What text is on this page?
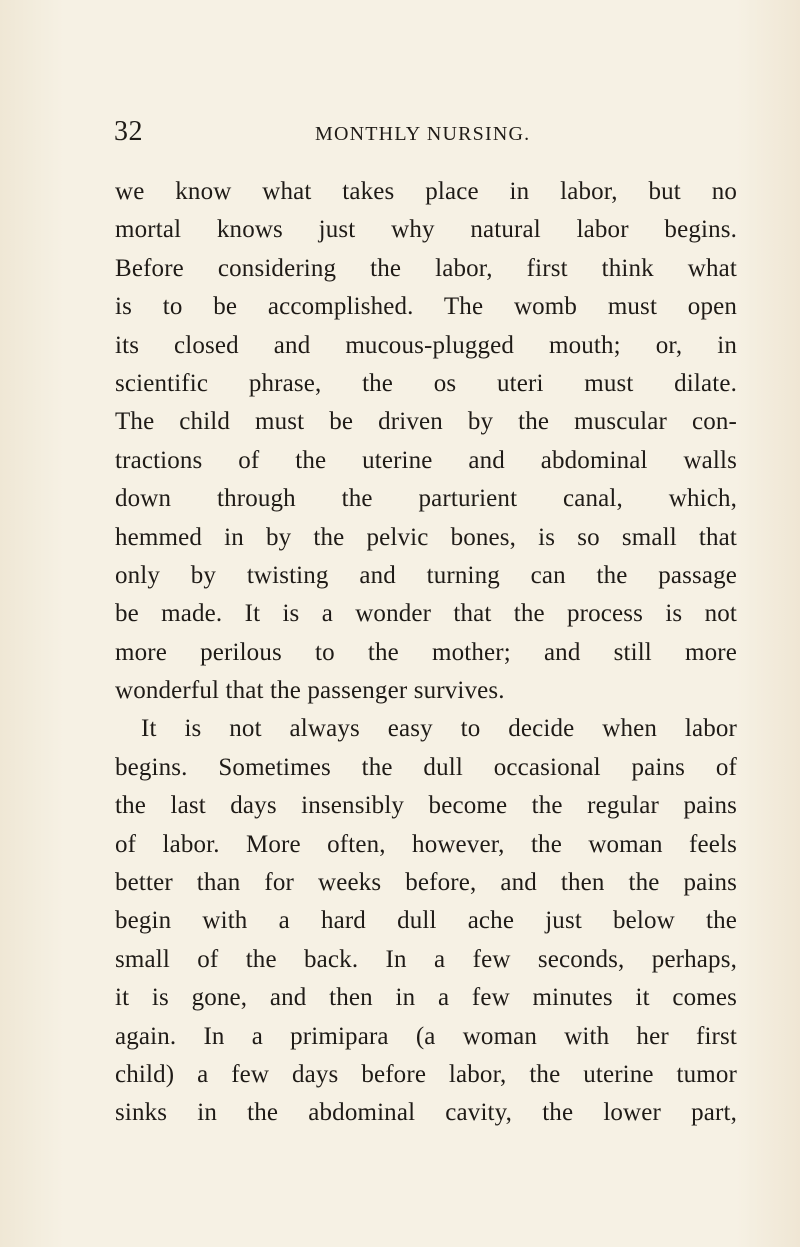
32	MONTHLY NURSING.
we know what takes place in labor, but no
mortal knows just why natural labor begins.
Before considering the labor, first think what
is to be accomplished. The womb must open
its closed and mucous-plugged mouth; or, in
scientific phrase, the os uteri must dilate.
The child must be driven by the muscular con-
tractions of the uterine and abdominal walls
down through the parturient canal, which,
hemmed in by the pelvic bones, is so small that
only by twisting and turning can the passage
be made. It is a wonder that the process is not
more perilous to the mother; and still more
wonderful that the passenger survives.
It is not always easy to decide when labor
begins. Sometimes the dull occasional pains of
the last days insensibly become the regular pains
of labor. More often, however, the woman feels
better than for weeks before, and then the pains
begin with a hard dull ache just below the
small of the back. In a few seconds, perhaps,
it is gone, and then in a few minutes it comes
again. In a primipara (a woman with her first
child) a few days before labor, the uterine tumor
sinks in the abdominal cavity, the lower part,
